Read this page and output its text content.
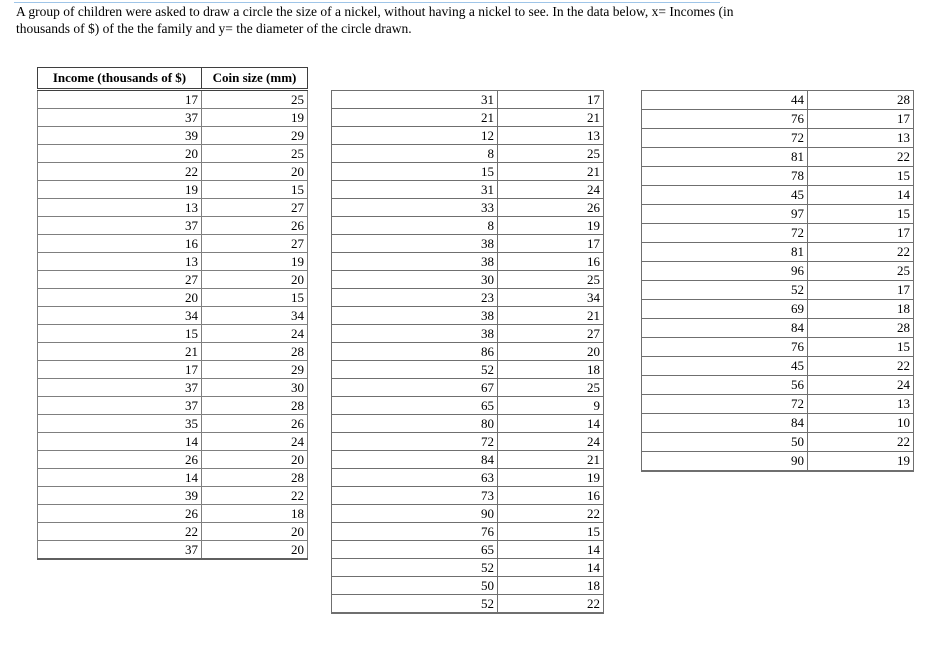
A group of children were asked to draw a circle the size of a nickel, without having a nickel to see. In the data below, x= Incomes (in thousands of $) of the the family and y= the diameter of the circle drawn.
Income (thousands of $)	Coin size (mm)
17	25
37	19
39	29
20	25
22	20
19	15
13	27
37	26
16	27
13	19
27	20
20	15
34	34
15	24
21	28
17	29
37	30
37	28
35	26
14	24
26	20
14	28
39	22
26	18
22	20
37	20
31	17
21	21
12	13
8	25
15	21
31	24
33	26
8	19
38	17
38	16
30	25
23	34
38	21
38	27
86	20
52	18
67	25
65	9
80	14
72	24
84	21
63	19
73	16
90	22
76	15
65	14
52	14
50	18
52	22
44	28
76	17
72	13
81	22
78	15
45	14
97	15
72	17
81	22
96	25
52	17
69	18
84	28
76	15
45	22
56	24
72	13
84	10
50	22
90	19
